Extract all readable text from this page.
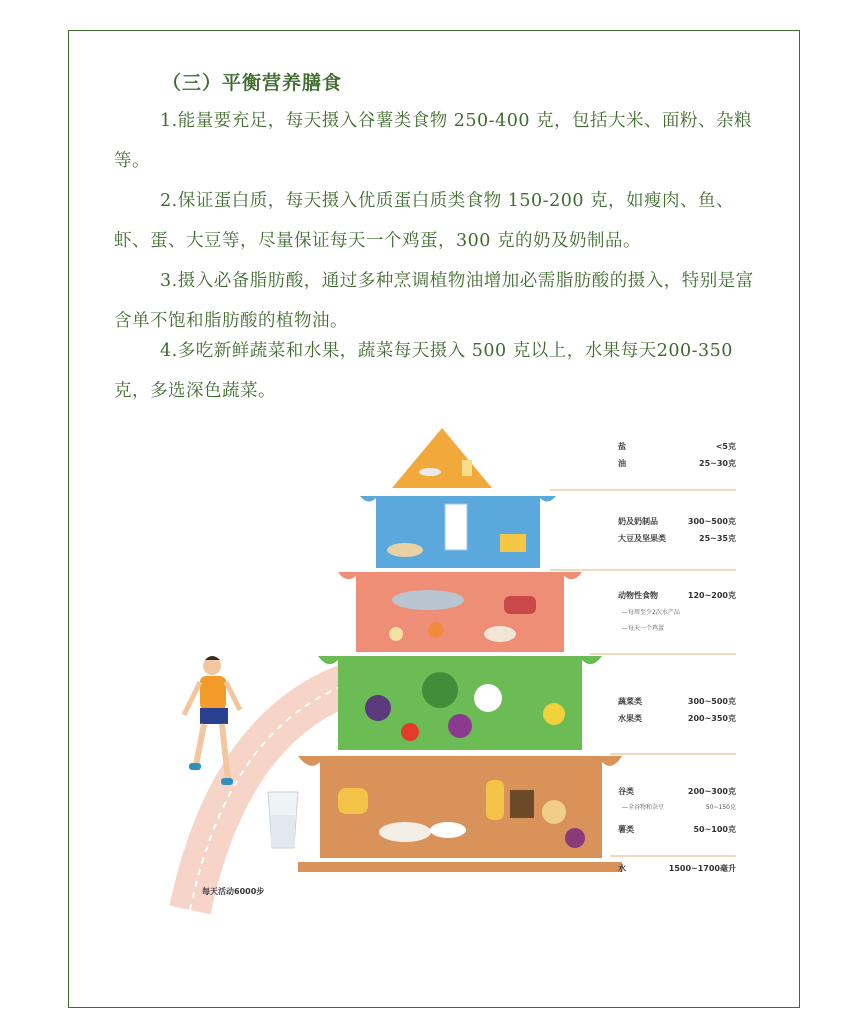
（三）平衡营养膳食

1.能量要充足，每天摄入谷薯类食物 250-400 克，包括大米、面粉、杂粮等。

2.保证蛋白质，每天摄入优质蛋白质类食物 150-200 克，如瘦肉、鱼、虾、蛋、大豆等，尽量保证每天一个鸡蛋，300 克的奶及奶制品。

3.摄入必备脂肪酸，通过多种烹调植物油增加必需脂肪酸的摄入，特别是富含单不饱和脂肪酸的植物油。

4.多吃新鲜蔬菜和水果，蔬菜每天摄入 500 克以上，水果每天200-350 克，多选深色蔬菜。

每天活动6000步
盐	<5克
油	25~30克
奶及奶制品	300~500克
大豆及坚果类	25~35克
动物性食物	120~200克
蔬菜类	300~500克
水果类	200~350克
谷类	200~300克
薯类	50~100克
水	1500~1700毫升
—每周至少2次水产品
—每天一个鸡蛋
—全谷物和杂豆	50~150克
